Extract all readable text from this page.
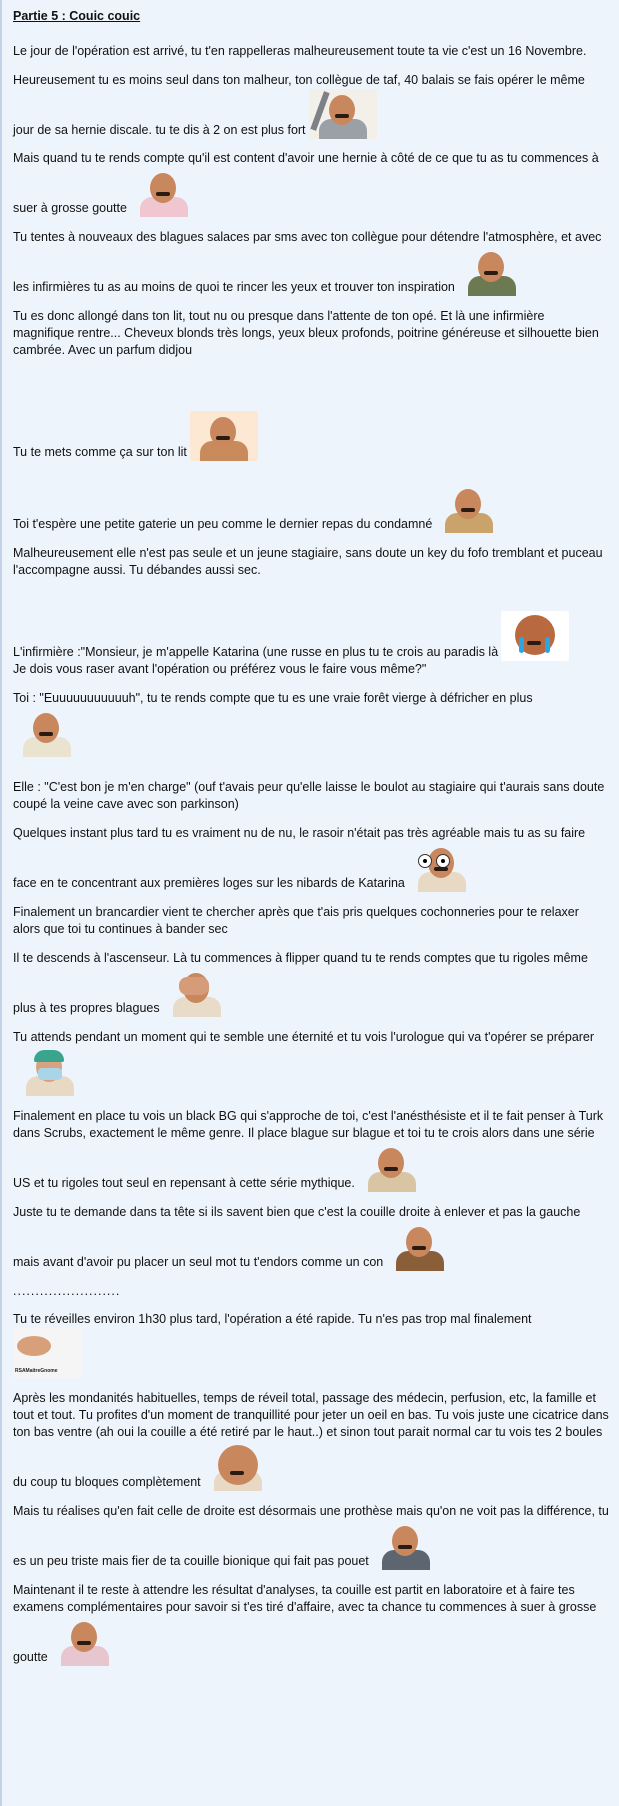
Partie 5 : Couic couic
Le jour de l'opération est arrivé, tu t'en rappelleras malheureusement toute ta vie c'est un 16 Novembre.
Heureusement tu es moins seul dans ton malheur, ton collègue de taf, 40 balais se fais opérer le même jour de sa hernie discale. tu te dis à 2 on est plus fort
Mais quand tu te rends compte qu'il est content d'avoir une hernie à côté de ce que tu as tu commences à suer à grosse goutte
Tu tentes à nouveaux des blagues salaces par sms avec ton collègue pour détendre l'atmosphère, et avec les infirmières tu as au moins de quoi te rincer les yeux et trouver ton inspiration
Tu es donc allongé dans ton lit, tout nu ou presque dans l'attente de ton opé. Et là une infirmière magnifique rentre... Cheveux blonds très longs, yeux bleux profonds, poitrine généreuse et silhouette bien cambrée. Avec un parfum didjou
Tu te mets comme ça sur ton lit
Toi t'espère une petite gaterie un peu comme le dernier repas du condamné
Malheureusement elle n'est pas seule et un jeune stagiaire, sans doute un key du fofo tremblant et puceau l'accompagne aussi. Tu débandes aussi sec.
L'infirmière :"Monsieur, je m'appelle Katarina (une russe en plus tu te crois au paradis là

Je dois vous raser avant l'opération ou préférez vous le faire vous même?"
Toi : "Euuuuuuuuuuuh", tu te rends compte que tu es une vraie forêt vierge à défricher en plus

Elle : "C'est bon je m'en charge" (ouf t'avais peur qu'elle laisse le boulot au stagiaire qui t'aurais sans doute coupé la veine cave avec son parkinson)
Quelques instant plus tard tu es vraiment nu de nu, le rasoir n'était pas très agréable mais tu as su faire face en te concentrant aux premières loges sur les nibards de Katarina
Finalement un brancardier vient te chercher après que t'ais pris quelques cochonneries pour te relaxer alors que toi tu continues à bander sec
Il te descends à l'ascenseur. Là tu commences à flipper quand tu te rends comptes que tu rigoles même plus à tes propres blagues
Tu attends pendant un moment qui te semble une éternité et tu vois l'urologue qui va t'opérer se préparer
Finalement en place tu vois un black BG qui s'approche de toi, c'est l'anésthésiste et il te fait penser à Turk dans Scrubs, exactement le même genre. Il place blague sur blague et toi tu te crois alors dans une série US et tu rigoles tout seul en repensant à cette série mythique.
Juste tu te demande dans ta tête si ils savent bien que c'est la couille droite à enlever et pas la gauche mais avant d'avoir pu placer un seul mot tu t'endors comme un con
........................
Tu te réveilles environ 1h30 plus tard, l'opération a été rapide. Tu n'es pas trop mal finalement

RSAMaitreGnome
Après les mondanités habituelles, temps de réveil total, passage des médecin, perfusion, etc, la famille et tout et tout. Tu profites d'un moment de tranquillité pour jeter un oeil en bas. Tu vois juste une cicatrice dans ton bas ventre (ah oui la couille a été retiré par le haut..) et sinon tout parait normal car tu vois tes 2 boules du coup tu bloques complètement
Mais tu réalises qu'en fait celle de droite est désormais une prothèse mais qu'on ne voit pas la différence, tu es un peu triste mais fier de ta couille bionique qui fait pas pouet
Maintenant il te reste à attendre les résultat d'analyses, ta couille est partit en laboratoire et à faire tes examens complémentaires pour savoir si t'es tiré d'affaire, avec ta chance tu commences à suer à grosse goutte
